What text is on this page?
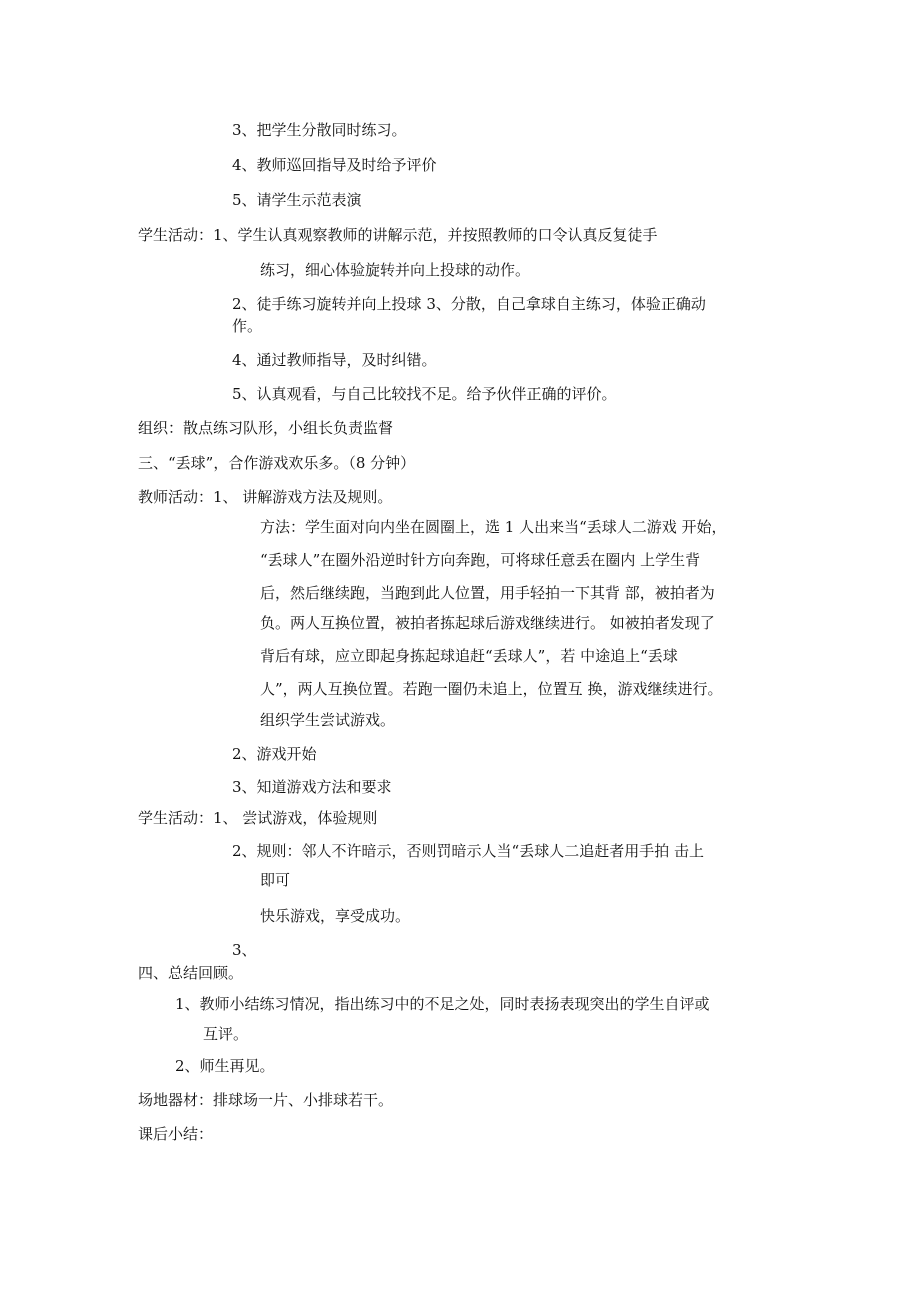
3、把学生分散同时练习。
4、教师巡回指导及时给予评价
5、请学生示范表演
学生活动：1、学生认真观察教师的讲解示范，并按照教师的口令认真反复徒手
练习，细心体验旋转并向上投球的动作。
2、徒手练习旋转并向上投球 3、分散，自己拿球自主练习，体验正确动
作。
4、通过教师指导，及时纠错。
5、认真观看，与自己比较找不足。给予伙伴正确的评价。
组织：散点练习队形，小组长负责监督
三、“丢球”，合作游戏欢乐多。（8 分钟）
教师活动：1、 讲解游戏方法及规则。
方法：学生面对向内坐在圆圈上，选 1 人出来当“丢球人二游戏 开始，
“丢球人”在圈外沿逆时针方向奔跑，可将球任意丢在圈内 上学生背
后，然后继续跑，当跑到此人位置，用手轻拍一下其背 部，被拍者为
负。两人互换位置，被拍者拣起球后游戏继续进行。 如被拍者发现了
背后有球，应立即起身拣起球追赶“丢球人”，若 中途追上“丢球
人”，两人互换位置。若跑一圈仍未追上，位置互 换，游戏继续进行。
组织学生尝试游戏。
2、游戏开始
3、知道游戏方法和要求
学生活动：1、 尝试游戏，体验规则
2、规则：邻人不许暗示，否则罚暗示人当“丢球人二追赶者用手拍 击上
即可
快乐游戏，享受成功。
3、
四、总结回顾。
1、教师小结练习情况，指出练习中的不足之处，同时表扬表现突出的学生自评或
互评。
2、师生再见。
场地器材：排球场一片、小排球若干。
课后小结：
